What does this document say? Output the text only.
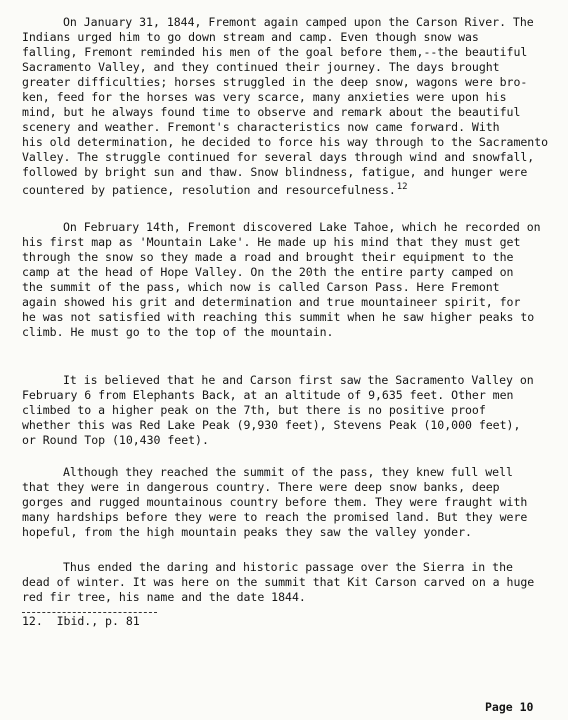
On January 31, 1844, Fremont again camped upon the Carson River. The
Indians urged him to go down stream and camp. Even though snow was
falling, Fremont reminded his men of the goal before them,--the beautiful
Sacramento Valley, and they continued their journey. The days brought
greater difficulties; horses struggled in the deep snow, wagons were bro-
ken, feed for the horses was very scarce, many anxieties were upon his
mind, but he always found time to observe and remark about the beautiful
scenery and weather. Fremont's characteristics now came forward. With
his old determination, he decided to force his way through to the Sacramento
Valley. The struggle continued for several days through wind and snowfall,
followed by bright sun and thaw. Snow blindness, fatigue, and hunger were
countered by patience, resolution and resourcefulness.$^{12}$
On February 14th, Fremont discovered Lake Tahoe, which he recorded on
his first map as 'Mountain Lake'. He made up his mind that they must get
through the snow so they made a road and brought their equipment to the
camp at the head of Hope Valley. On the 20th the entire party camped on
the summit of the pass, which now is called Carson Pass. Here Fremont
again showed his grit and determination and true mountaineer spirit, for
he was not satisfied with reaching this summit when he saw higher peaks to
climb. He must go to the top of the mountain.
It is believed that he and Carson first saw the Sacramento Valley on
February 6 from Elephants Back, at an altitude of 9,635 feet. Other men
climbed to a higher peak on the 7th, but there is no positive proof
whether this was Red Lake Peak (9,930 feet), Stevens Peak (10,000 feet),
or Round Top (10,430 feet).
Although they reached the summit of the pass, they knew full well
that they were in dangerous country. There were deep snow banks, deep
gorges and rugged mountainous country before them. They were fraught with
many hardships before they were to reach the promised land. But they were
hopeful, from the high mountain peaks they saw the valley yonder.
Thus ended the daring and historic passage over the Sierra in the
dead of winter. It was here on the summit that Kit Carson carved on a huge
red fir tree, his name and the date 1844.
12.  Ibid., p. 81
Page 10
